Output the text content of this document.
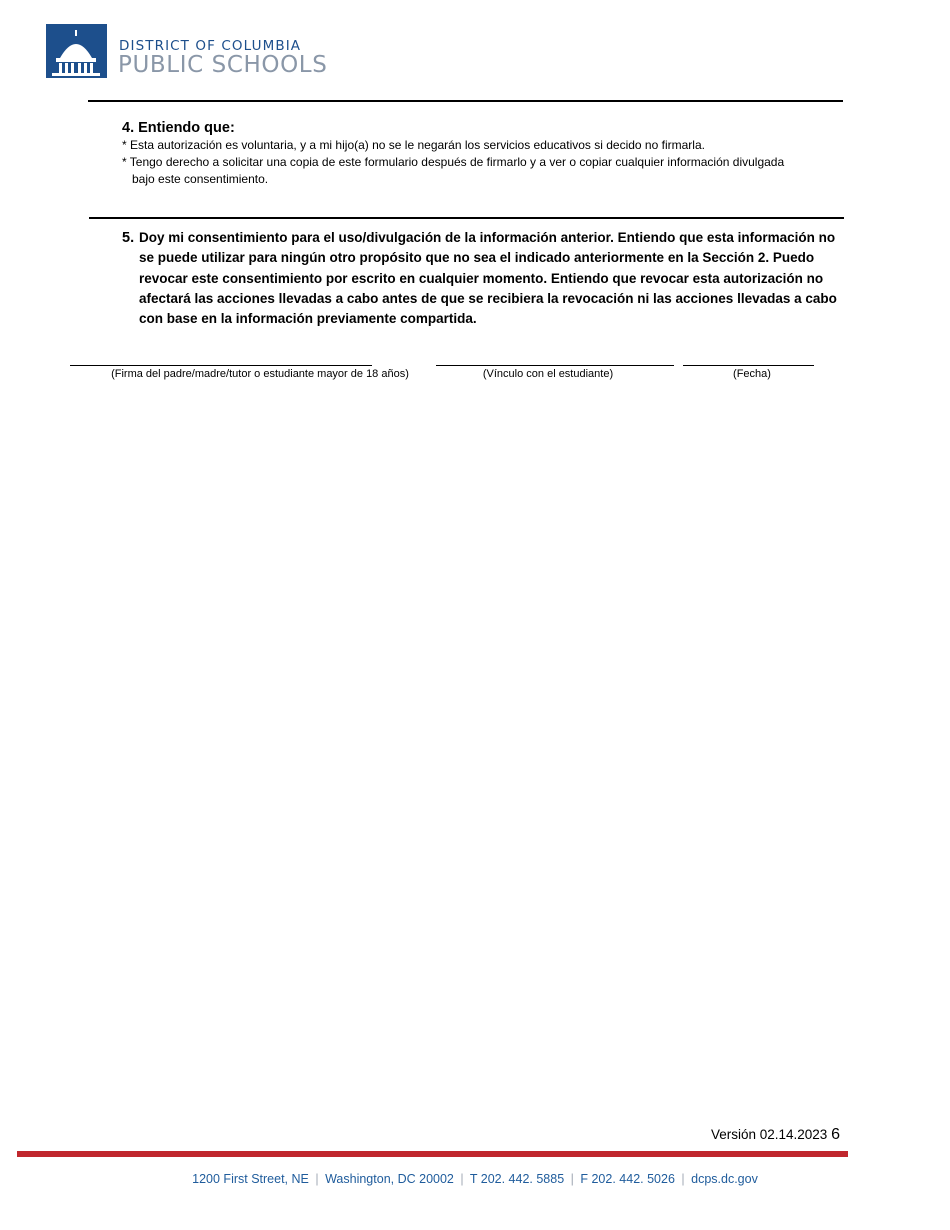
DISTRICT OF COLUMBIA
PUBLIC SCHOOLS

4. Entiendo que:

* Esta autorización es voluntaria, y a mi hijo(a) no se le negarán los servicios educativos si decido no firmarla.

* Tengo derecho a solicitar una copia de este formulario después de firmarlo y a ver o copiar cualquier información divulgada
bajo este consentimiento.

5. Doy mi consentimiento para el uso/divulgación de la información anterior. Entiendo que esta información no se puede utilizar para ningún otro propósito que no sea el indicado anteriormente en la Sección 2. Puedo revocar este consentimiento por escrito en cualquier momento. Entiendo que revocar esta autorización no afectará las acciones llevadas a cabo antes de que se recibiera la revocación ni las acciones llevadas a cabo con base en la información previamente compartida.
(Firma del padre/madre/tutor o estudiante mayor de 18 años)	(Vínculo con el estudiante)	(Fecha)
Versión 02.14.2023 6
1200 First Street, NE | Washington, DC 20002 | T 202. 442. 5885 | F 202. 442. 5026 | dcps.dc.gov
